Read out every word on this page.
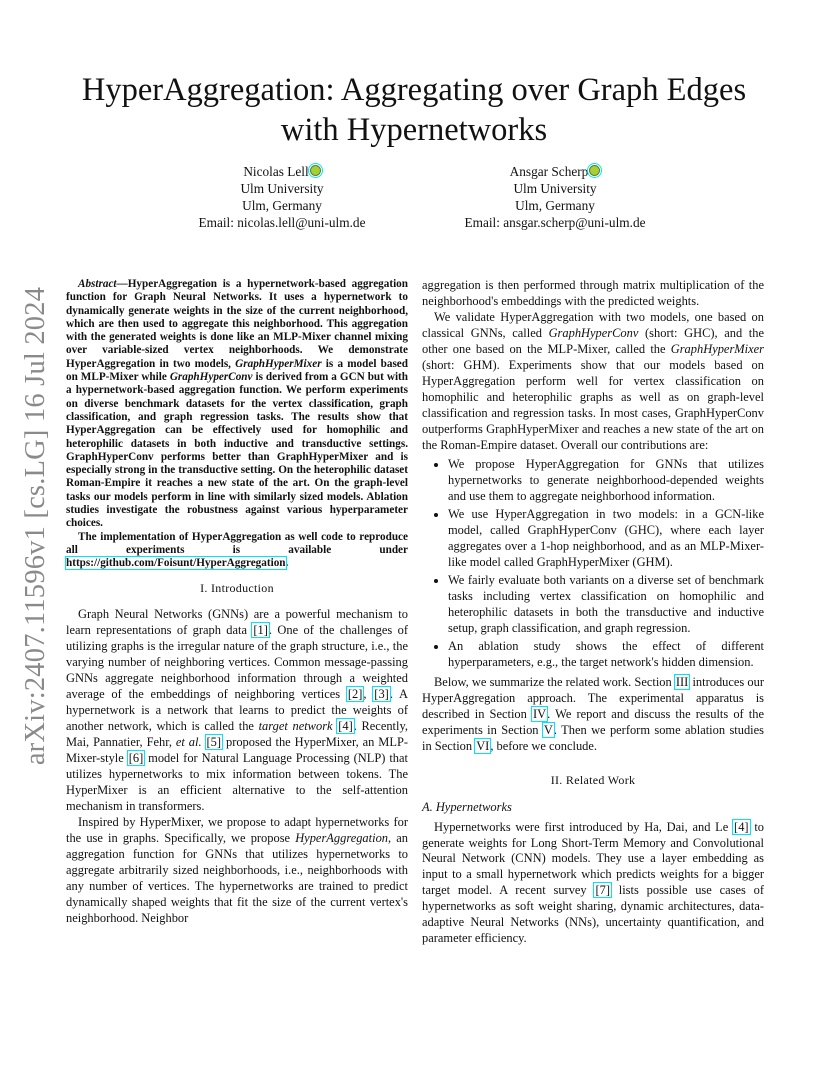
arXiv:2407.11596v1 [cs.LG] 16 Jul 2024
HyperAggregation: Aggregating over Graph Edges with Hypernetworks
Nicolas Lell
Ulm University
Ulm, Germany
Email: nicolas.lell@uni-ulm.de
Ansgar Scherp
Ulm University
Ulm, Germany
Email: ansgar.scherp@uni-ulm.de

Abstract—HyperAggregation is a hypernetwork-based aggregation function for Graph Neural Networks. It uses a hypernetwork to dynamically generate weights in the size of the current neighborhood, which are then used to aggregate this neighborhood. This aggregation with the generated weights is done like an MLP-Mixer channel mixing over variable-sized vertex neighborhoods. We demonstrate HyperAggregation in two models, GraphHyperMixer is a model based on MLP-Mixer while GraphHyperConv is derived from a GCN but with a hypernetwork-based aggregation function. We perform experiments on diverse benchmark datasets for the vertex classification, graph classification, and graph regression tasks. The results show that HyperAggregation can be effectively used for homophilic and heterophilic datasets in both inductive and transductive settings. GraphHyperConv performs better than GraphHyperMixer and is especially strong in the transductive setting. On the heterophilic dataset Roman-Empire it reaches a new state of the art. On the graph-level tasks our models perform in line with similarly sized models. Ablation studies investigate the robustness against various hyperparameter choices.

The implementation of HyperAggregation as well code to reproduce all experiments is available under https://github.com/Foisunt/HyperAggregation.

I. Introduction

Graph Neural Networks (GNNs) are a powerful mechanism to learn representations of graph data [1]. One of the challenges of utilizing graphs is the irregular nature of the graph structure, i.e., the varying number of neighboring vertices. Common message-passing GNNs aggregate neighborhood information through a weighted average of the embeddings of neighboring vertices [2], [3]. A hypernetwork is a network that learns to predict the weights of another network, which is called the target network [4]. Recently, Mai, Pannatier, Fehr, et al. [5] proposed the HyperMixer, an MLP-Mixer-style [6] model for Natural Language Processing (NLP) that utilizes hypernetworks to mix information between tokens. The HyperMixer is an efficient alternative to the self-attention mechanism in transformers.

Inspired by HyperMixer, we propose to adapt hypernetworks for the use in graphs. Specifically, we propose HyperAggregation, an aggregation function for GNNs that utilizes hypernetworks to aggregate arbitrarily sized neighborhoods, i.e., neighborhoods with any number of vertices. The hypernetworks are trained to predict dynamically shaped weights that fit the size of the current vertex's neighborhood. Neighbor

aggregation is then performed through matrix multiplication of the neighborhood's embeddings with the predicted weights.

We validate HyperAggregation with two models, one based on classical GNNs, called GraphHyperConv (short: GHC), and the other one based on the MLP-Mixer, called the GraphHyperMixer (short: GHM). Experiments show that our models based on HyperAggregation perform well for vertex classification on homophilic and heterophilic graphs as well as on graph-level classification and regression tasks. In most cases, GraphHyperConv outperforms GraphHyperMixer and reaches a new state of the art on the Roman-Empire dataset. Overall our contributions are:

• We propose HyperAggregation for GNNs that utilizes hypernetworks to generate neighborhood-depended weights and use them to aggregate neighborhood information.
• We use HyperAggregation in two models: in a GCN-like model, called GraphHyperConv (GHC), where each layer aggregates over a 1-hop neighborhood, and as an MLP-Mixer-like model called GraphHyperMixer (GHM).
• We fairly evaluate both variants on a diverse set of benchmark tasks including vertex classification on homophilic and heterophilic datasets in both the transductive and inductive setup, graph classification, and graph regression.
• An ablation study shows the effect of different hyperparameters, e.g., the target network's hidden dimension.

Below, we summarize the related work. Section III introduces our HyperAggregation approach. The experimental apparatus is described in Section IV. We report and discuss the results of the experiments in Section V. Then we perform some ablation studies in Section VI, before we conclude.

II. Related Work
A. Hypernetworks

Hypernetworks were first introduced by Ha, Dai, and Le [4] to generate weights for Long Short-Term Memory and Convolutional Neural Network (CNN) models. They use a layer embedding as input to a small hypernetwork which predicts weights for a bigger target model. A recent survey [7] lists possible use cases of hypernetworks as soft weight sharing, dynamic architectures, data-adaptive Neural Networks (NNs), uncertainty quantification, and parameter efficiency.
